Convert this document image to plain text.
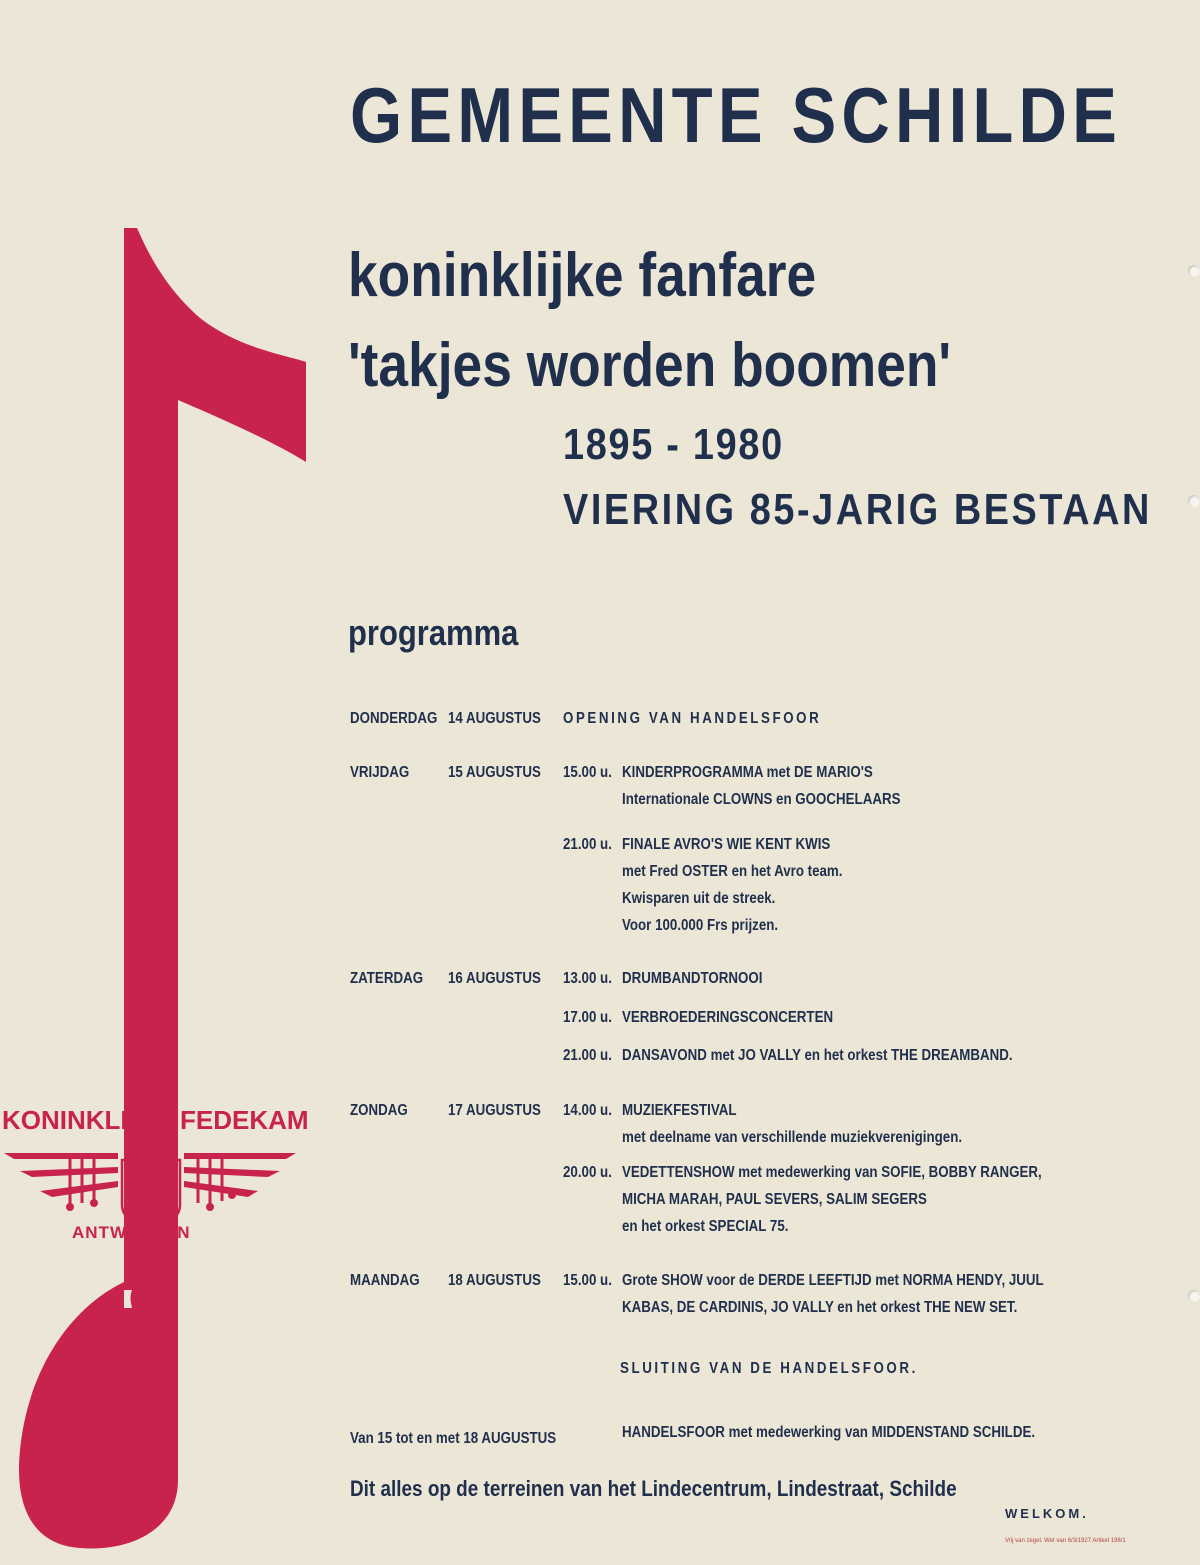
KONINKLIJKE FEDEKAM
ANTWERPEN
GEMEENTE SCHILDE
koninklijke fanfare
'takjes worden boomen'
1895 - 1980
VIERING 85-JARIG BESTAAN
programma
DONDERDAG 14 AUGUSTUS	OPENING VAN HANDELSFOOR
VRIJDAG	15 AUGUSTUS	15.00 u. KINDERPROGRAMMA met DE MARIO'S
Internationale CLOWNS en GOOCHELAARS
21.00 u. FINALE AVRO'S WIE KENT KWIS
met Fred OSTER en het Avro team.
Kwisparen uit de streek.
Voor 100.000 Frs prijzen.
ZATERDAG	16 AUGUSTUS	13.00 u. DRUMBANDTORNOOI
17.00 u. VERBROEDERINGSCONCERTEN
21.00 u. DANSAVOND met JO VALLY en het orkest THE DREAMBAND.
ZONDAG	17 AUGUSTUS	14.00 u. MUZIEKFESTIVAL
met deelname van verschillende muziekverenigingen.
20.00 u. VEDETTENSHOW met medewerking van SOFIE, BOBBY RANGER,
MICHA MARAH, PAUL SEVERS, SALIM SEGERS
en het orkest SPECIAL 75.
MAANDAG	18 AUGUSTUS	15.00 u. Grote SHOW voor de DERDE LEEFTIJD met NORMA HENDY, JUUL
KABAS, DE CARDINIS, JO VALLY en het orkest THE NEW SET.
SLUITING VAN DE HANDELSFOOR.
Van 15 tot en met 18 AUGUSTUS	HANDELSFOOR met medewerking van MIDDENSTAND SCHILDE.
Dit alles op de terreinen van het Lindecentrum, Lindestraat, Schilde
WELKOM.
Vrij van zegel. Wet van 6/3/1927 Artikel 198/1
